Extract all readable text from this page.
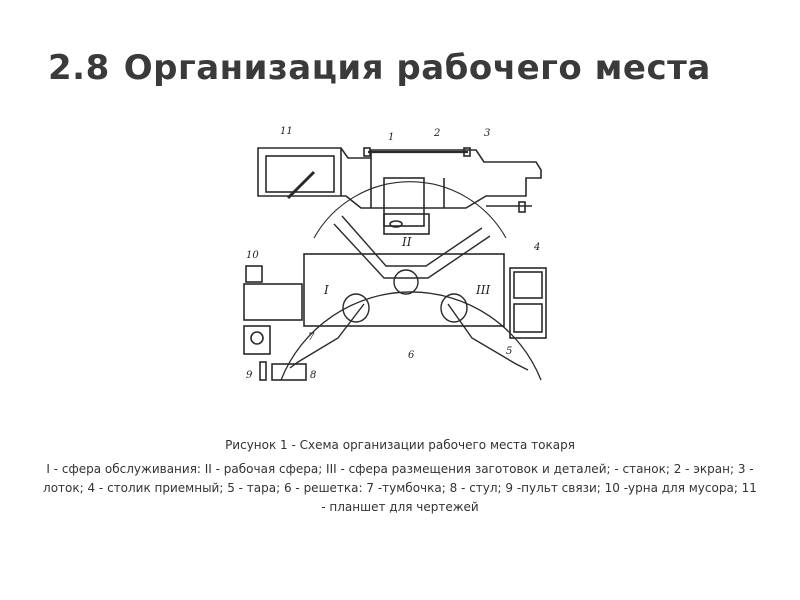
2.8 Организация рабочего места
1	2	3
4
5
6
7
8
9
10
11
I
II
III
Рисунок 1 - Схема организации рабочего места токаря
I - сфера обслуживания: II - рабочая сфера; III - сфера размещения заготовок и деталей; - станок; 2 - экран; 3 - лоток; 4 - столик приемный; 5 - тара; 6 - решетка: 7 -тумбочка; 8 - стул; 9 -пульт связи; 10 -урна для мусора; 11 - планшет для чертежей
